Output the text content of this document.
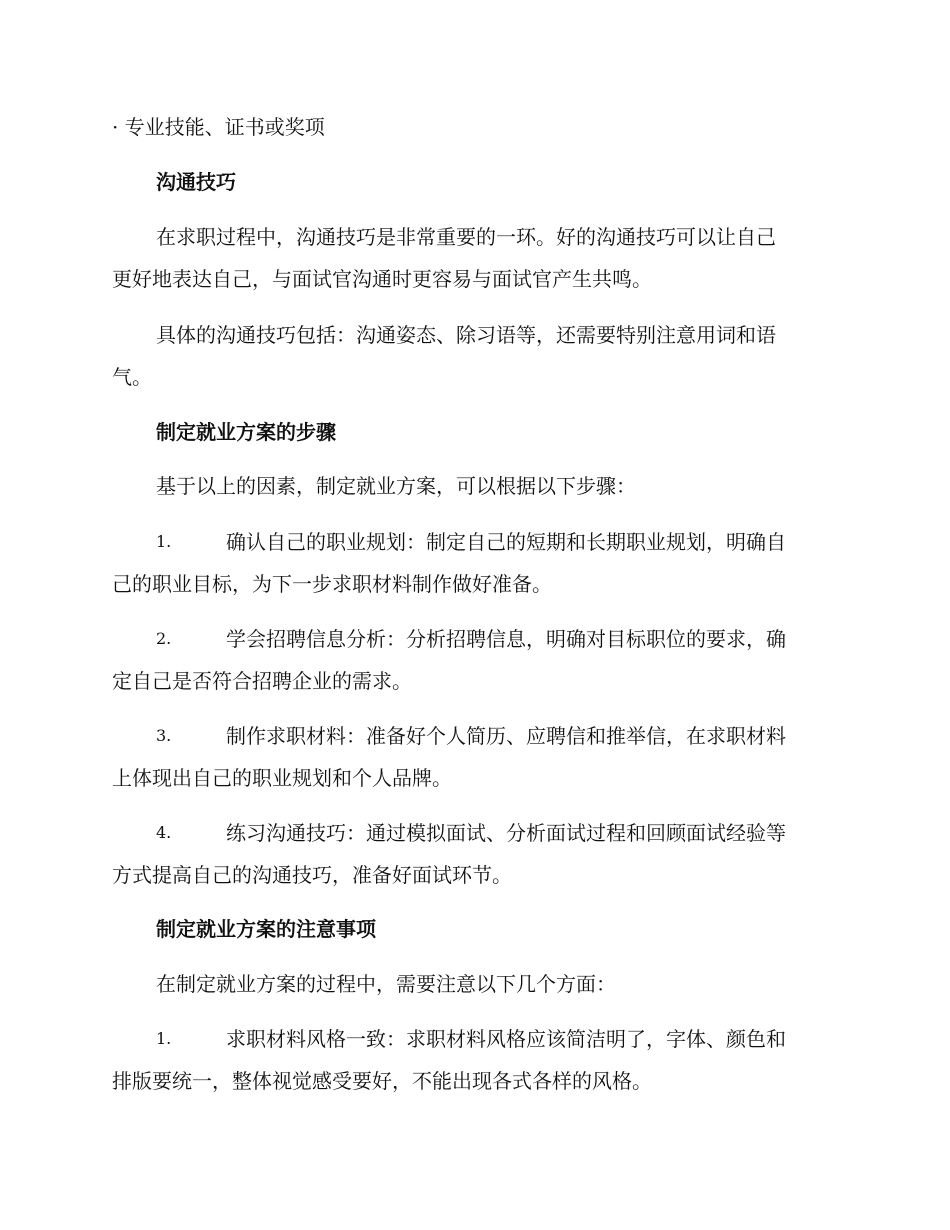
· 专业技能、证书或奖项
沟通技巧
在求职过程中，沟通技巧是非常重要的一环。好的沟通技巧可以让自己
更好地表达自己，与面试官沟通时更容易与面试官产生共鸣。
具体的沟通技巧包括：沟通姿态、除习语等，还需要特别注意用词和语
气。
制定就业方案的步骤
基于以上的因素，制定就业方案，可以根据以下步骤：
1.	确认自己的职业规划：制定自己的短期和长期职业规划，明确自
己的职业目标，为下一步求职材料制作做好准备。
2.	学会招聘信息分析：分析招聘信息，明确对目标职位的要求，确
定自己是否符合招聘企业的需求。
3.	制作求职材料：准备好个人简历、应聘信和推举信，在求职材料
上体现出自己的职业规划和个人品牌。
4.	练习沟通技巧：通过模拟面试、分析面试过程和回顾面试经验等
方式提高自己的沟通技巧，准备好面试环节。
制定就业方案的注意事项
在制定就业方案的过程中，需要注意以下几个方面：
1.	求职材料风格一致：求职材料风格应该简洁明了，字体、颜色和
排版要统一，整体视觉感受要好，不能出现各式各样的风格。
